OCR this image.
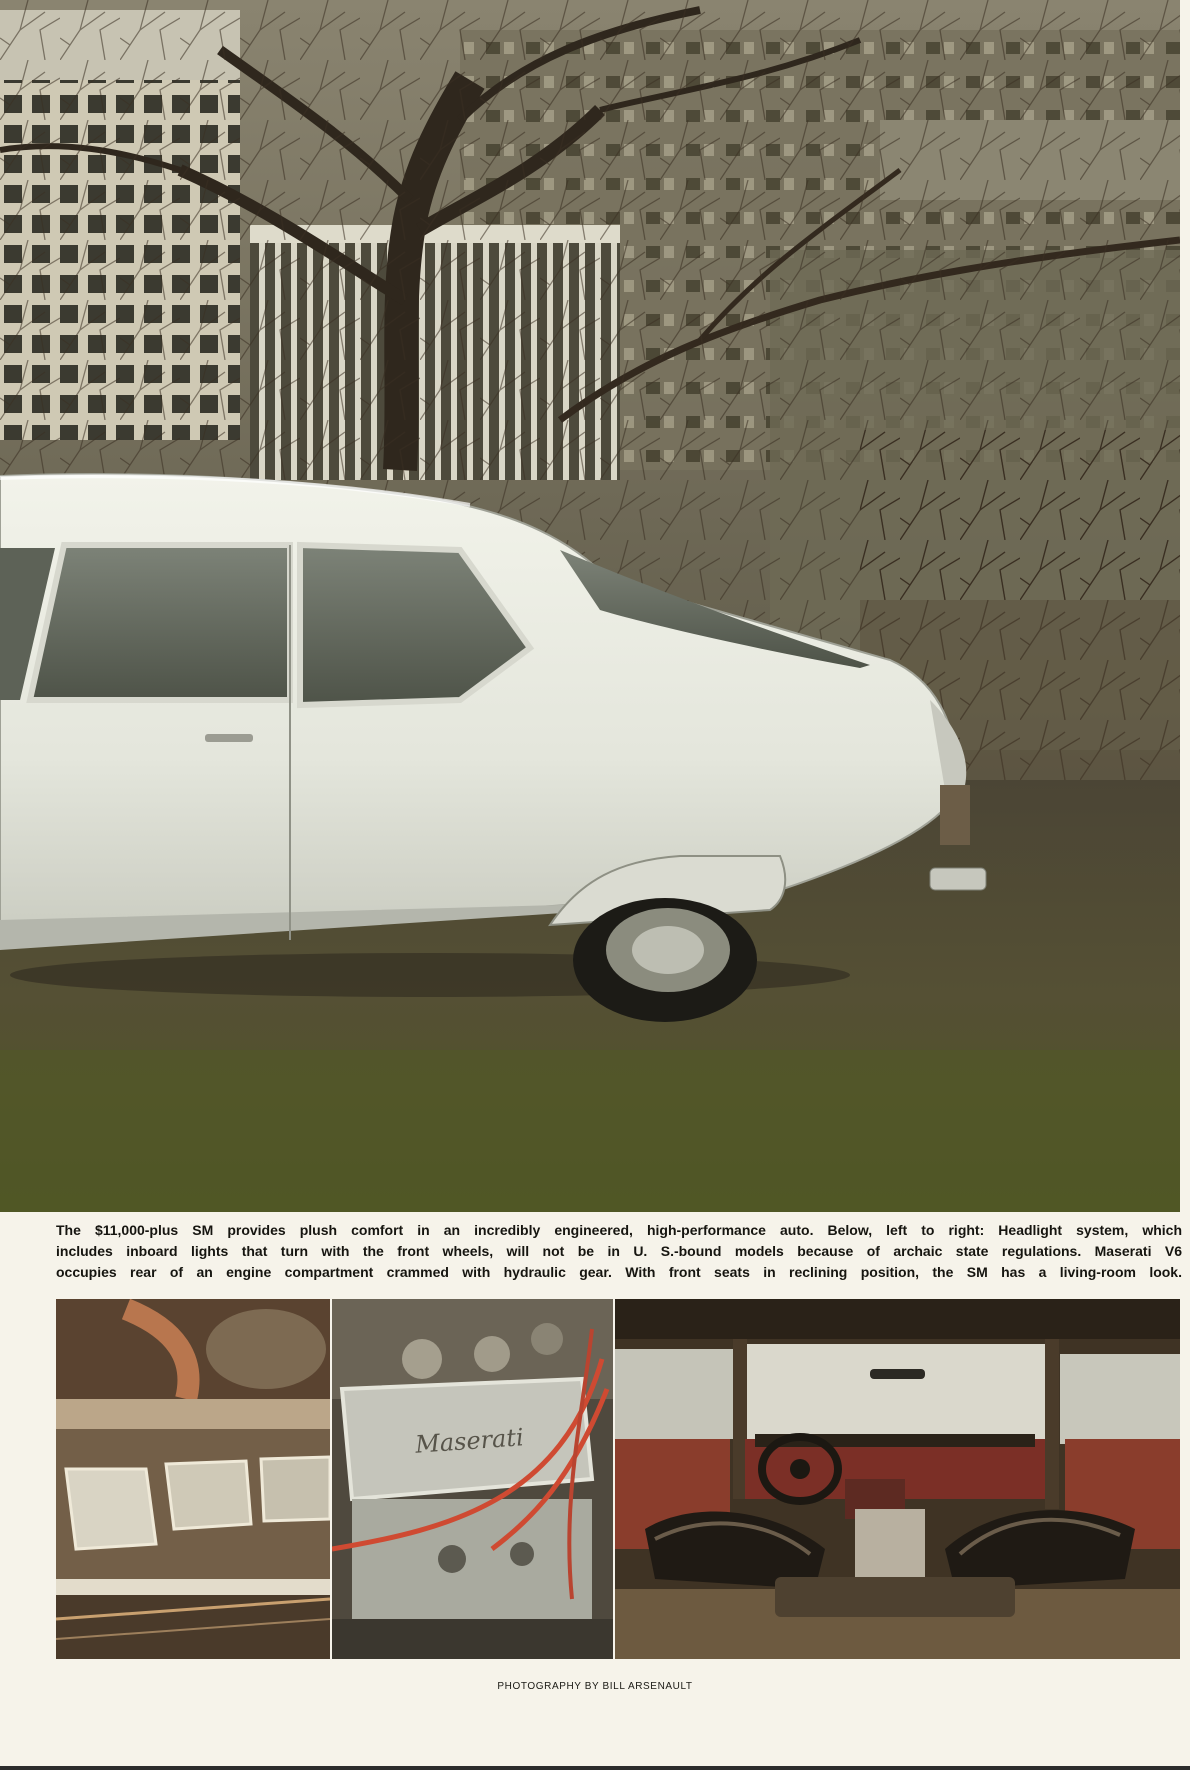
The $11,000-plus SM provides plush comfort in an incredibly engineered, high-performance auto. Below, left to right: Headlight system, which
includes inboard lights that turn with the front wheels, will not be in U. S.-bound models because of archaic state regulations. Maserati V6
occupies rear of an engine compartment crammed with hydraulic gear. With front seats in reclining position, the SM has a living-room look.

Maserati
PHOTOGRAPHY BY BILL ARSENAULT
